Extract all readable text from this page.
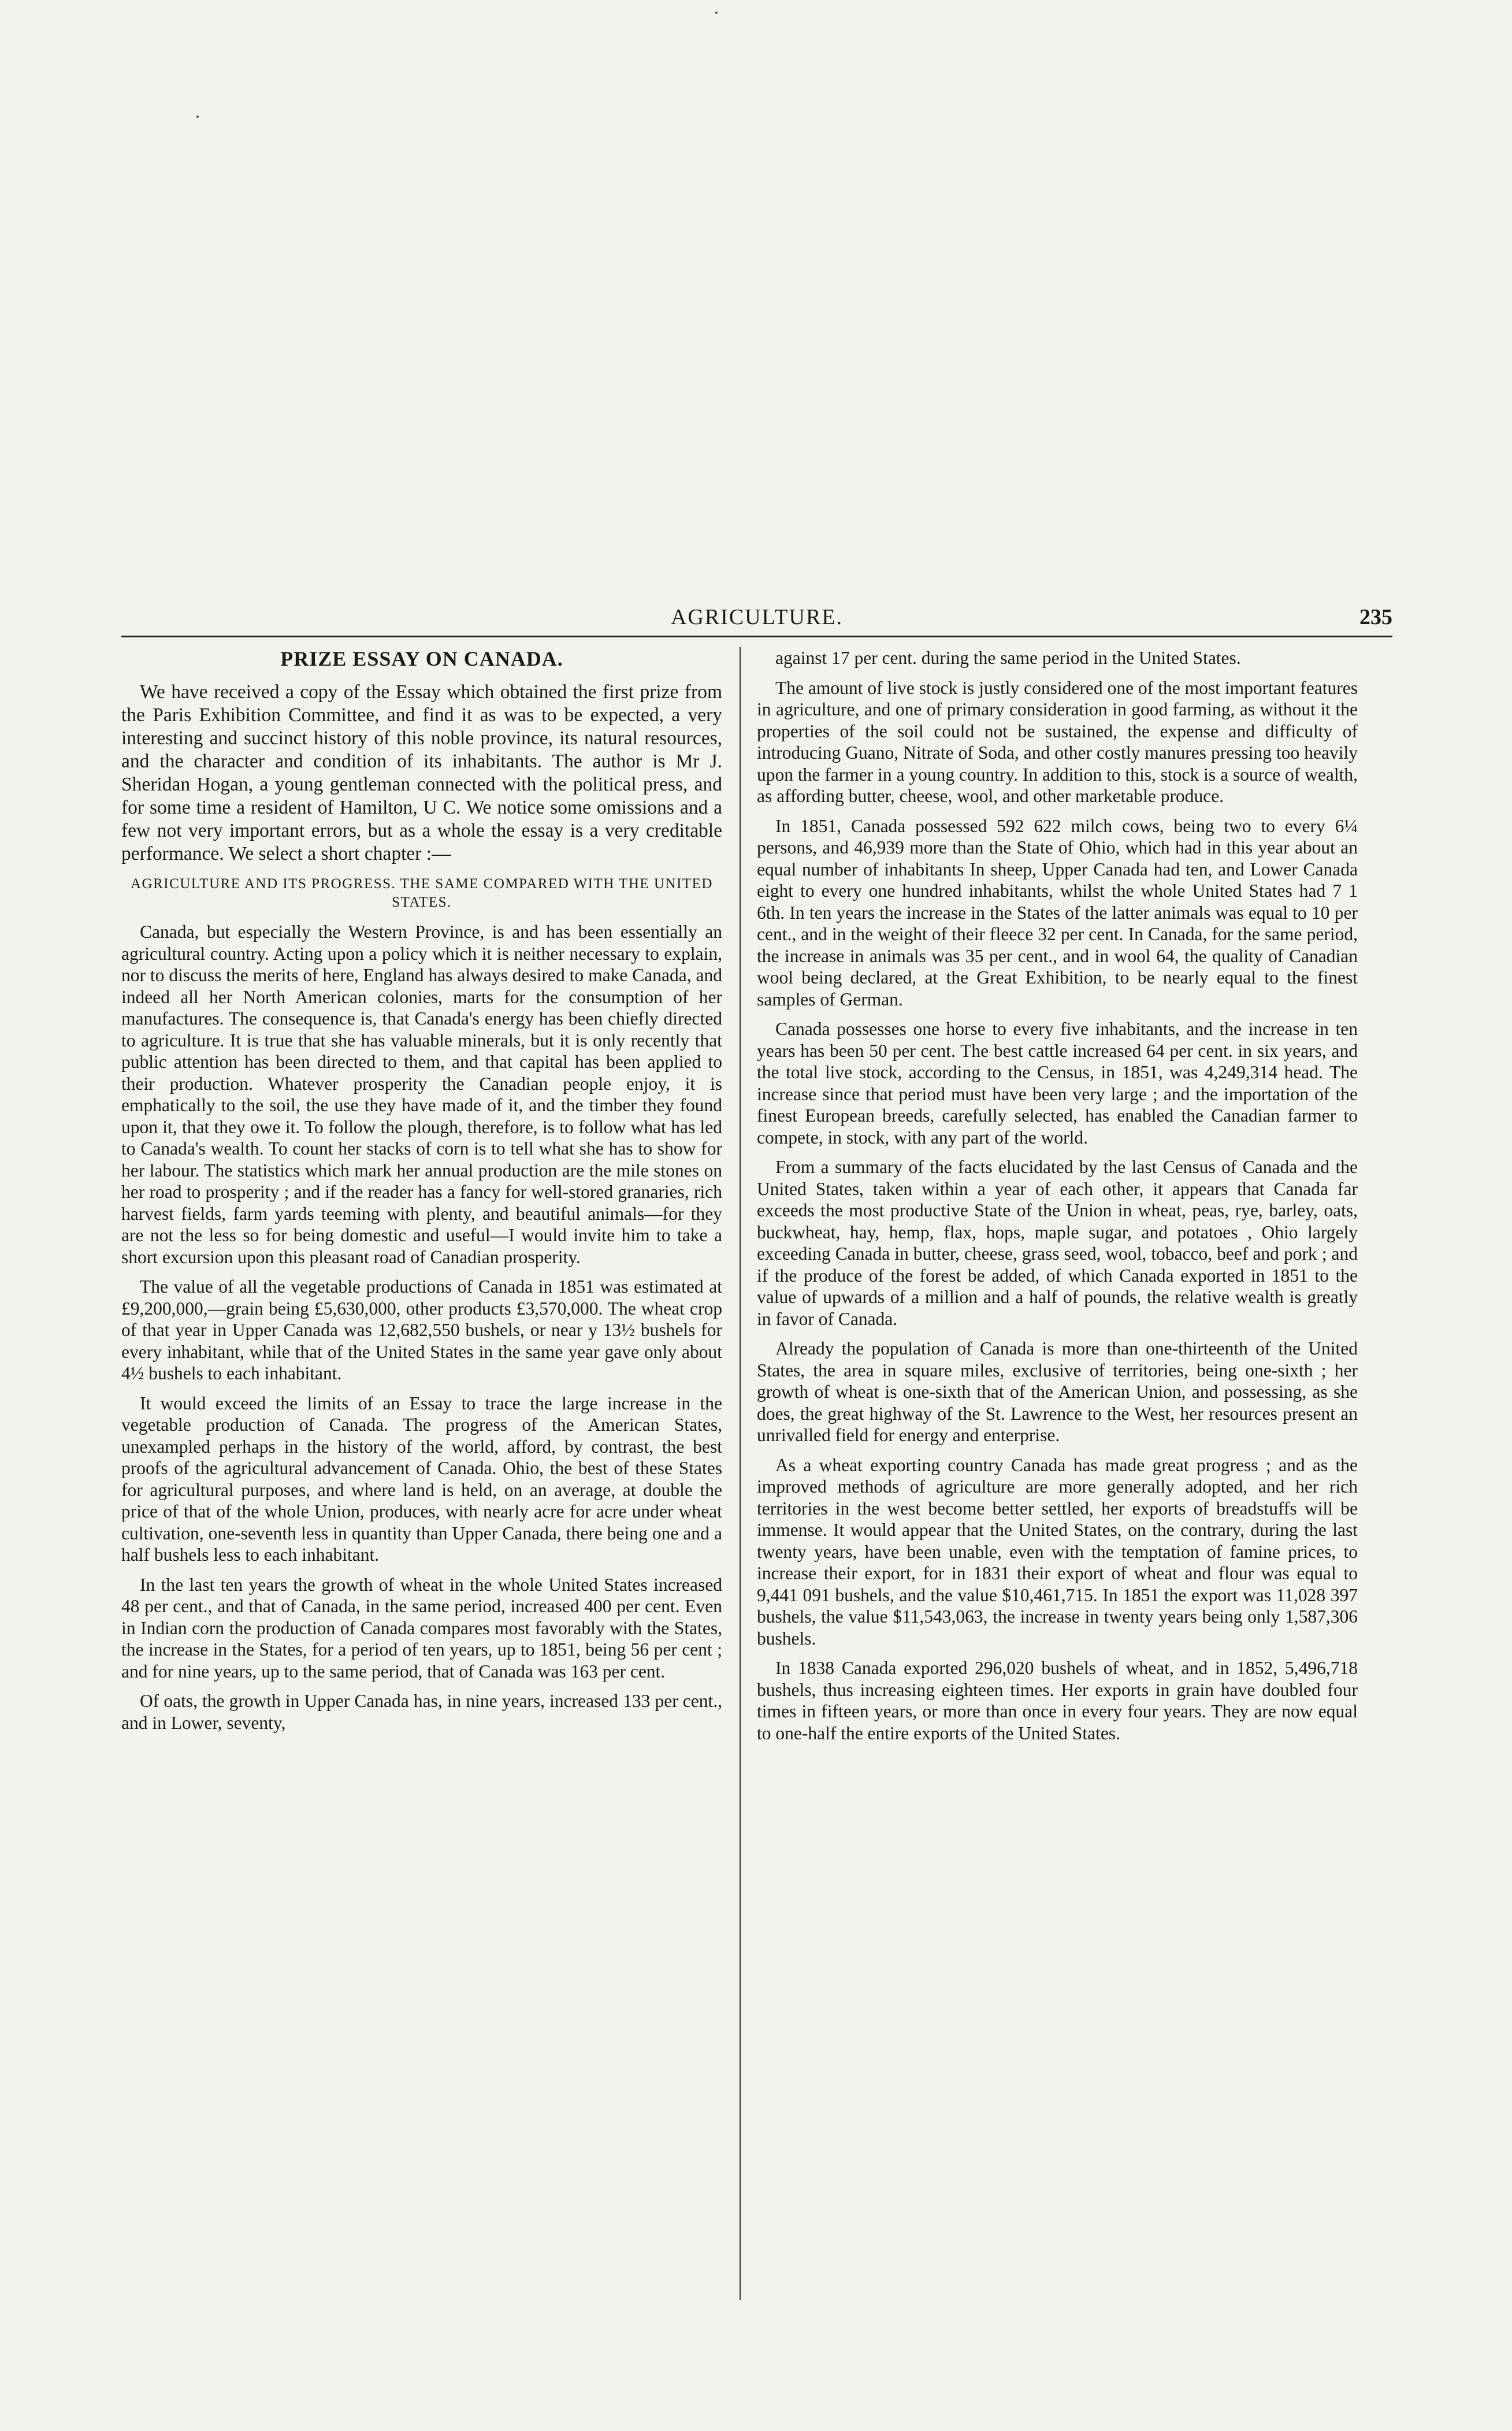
AGRICULTURE.	235
PRIZE ESSAY ON CANADA.

We have received a copy of the Essay which obtained the first prize from the Paris Exhibition Committee, and find it as was to be expected, a very interesting and succinct history of this noble province, its natural resources, and the character and condition of its inhabitants. The author is Mr J. Sheridan Hogan, a young gentleman connected with the political press, and for some time a resident of Hamilton, U C. We notice some omissions and a few not very important errors, but as a whole the essay is a very creditable performance. We select a short chapter :—

AGRICULTURE AND ITS PROGRESS. THE SAME COMPARED WITH THE UNITED STATES.

Canada, but especially the Western Province, is and has been essentially an agricultural country. Acting upon a policy which it is neither necessary to explain, nor to discuss the merits of here, England has always desired to make Canada, and indeed all her North American colonies, marts for the consumption of her manufactures. The consequence is, that Canada's energy has been chiefly directed to agriculture. It is true that she has valuable minerals, but it is only recently that public attention has been directed to them, and that capital has been applied to their production. Whatever prosperity the Canadian people enjoy, it is emphatically to the soil, the use they have made of it, and the timber they found upon it, that they owe it. To follow the plough, therefore, is to follow what has led to Canada's wealth. To count her stacks of corn is to tell what she has to show for her labour. The statistics which mark her annual production are the mile stones on her road to prosperity ; and if the reader has a fancy for well-stored granaries, rich harvest fields, farm yards teeming with plenty, and beautiful animals—for they are not the less so for being domestic and useful—I would invite him to take a short excursion upon this pleasant road of Canadian prosperity.

The value of all the vegetable productions of Canada in 1851 was estimated at £9,200,000,—grain being £5,630,000, other products £3,570,000. The wheat crop of that year in Upper Canada was 12,682,550 bushels, or near y 13½ bushels for every inhabitant, while that of the United States in the same year gave only about 4½ bushels to each inhabitant.

It would exceed the limits of an Essay to trace the large increase in the vegetable production of Canada. The progress of the American States, unexampled perhaps in the history of the world, afford, by contrast, the best proofs of the agricultural advancement of Canada. Ohio, the best of these States for agricultural purposes, and where land is held, on an average, at double the price of that of the whole Union, produces, with nearly acre for acre under wheat cultivation, one-seventh less in quantity than Upper Canada, there being one and a half bushels less to each inhabitant.

In the last ten years the growth of wheat in the whole United States increased 48 per cent., and that of Canada, in the same period, increased 400 per cent. Even in Indian corn the production of Canada compares most favorably with the States, the increase in the States, for a period of ten years, up to 1851, being 56 per cent ; and for nine years, up to the same period, that of Canada was 163 per cent.

Of oats, the growth in Upper Canada has, in nine years, increased 133 per cent., and in Lower, seventy,

against 17 per cent. during the same period in the United States.

The amount of live stock is justly considered one of the most important features in agriculture, and one of primary consideration in good farming, as without it the properties of the soil could not be sustained, the expense and difficulty of introducing Guano, Nitrate of Soda, and other costly manures pressing too heavily upon the farmer in a young country. In addition to this, stock is a source of wealth, as affording butter, cheese, wool, and other marketable produce.

In 1851, Canada possessed 592 622 milch cows, being two to every 6¼ persons, and 46,939 more than the State of Ohio, which had in this year about an equal number of inhabitants In sheep, Upper Canada had ten, and Lower Canada eight to every one hundred inhabitants, whilst the whole United States had 7 1 6th. In ten years the increase in the States of the latter animals was equal to 10 per cent., and in the weight of their fleece 32 per cent. In Canada, for the same period, the increase in animals was 35 per cent., and in wool 64, the quality of Canadian wool being declared, at the Great Exhibition, to be nearly equal to the finest samples of German.

Canada possesses one horse to every five inhabitants, and the increase in ten years has been 50 per cent. The best cattle increased 64 per cent. in six years, and the total live stock, according to the Census, in 1851, was 4,249,314 head. The increase since that period must have been very large ; and the importation of the finest European breeds, carefully selected, has enabled the Canadian farmer to compete, in stock, with any part of the world.

From a summary of the facts elucidated by the last Census of Canada and the United States, taken within a year of each other, it appears that Canada far exceeds the most productive State of the Union in wheat, peas, rye, barley, oats, buckwheat, hay, hemp, flax, hops, maple sugar, and potatoes , Ohio largely exceeding Canada in butter, cheese, grass seed, wool, tobacco, beef and pork ; and if the produce of the forest be added, of which Canada exported in 1851 to the value of upwards of a million and a half of pounds, the relative wealth is greatly in favor of Canada.

Already the population of Canada is more than one-thirteenth of the United States, the area in square miles, exclusive of territories, being one-sixth ; her growth of wheat is one-sixth that of the American Union, and possessing, as she does, the great highway of the St. Lawrence to the West, her resources present an unrivalled field for energy and enterprise.

As a wheat exporting country Canada has made great progress ; and as the improved methods of agriculture are more generally adopted, and her rich territories in the west become better settled, her exports of breadstuffs will be immense. It would appear that the United States, on the contrary, during the last twenty years, have been unable, even with the temptation of famine prices, to increase their export, for in 1831 their export of wheat and flour was equal to 9,441 091 bushels, and the value $10,461,715. In 1851 the export was 11,028 397 bushels, the value $11,543,063, the increase in twenty years being only 1,587,306 bushels.

In 1838 Canada exported 296,020 bushels of wheat, and in 1852, 5,496,718 bushels, thus increasing eighteen times. Her exports in grain have doubled four times in fifteen years, or more than once in every four years. They are now equal to one-half the entire exports of the United States.
